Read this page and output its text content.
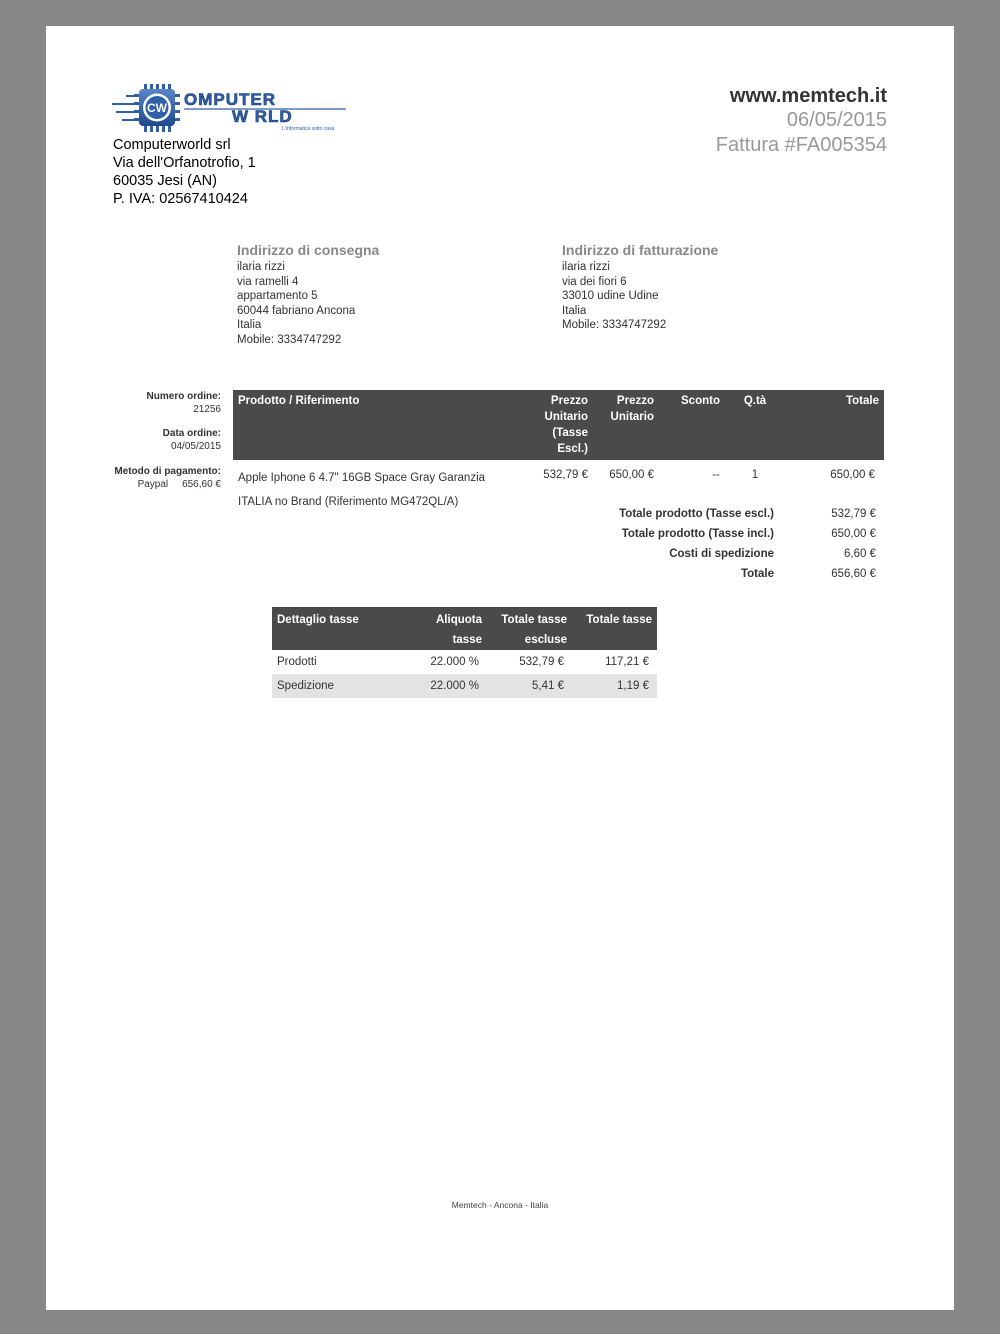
CW OMPUTER
W RLD
L'informatica sotto casa
Computerworld srl
Via dell'Orfanotrofio, 1
60035 Jesi (AN)
P. IVA: 02567410424
www.memtech.it
06/05/2015
Fattura #FA005354
Indirizzo di consegna
ilaria rizzi
via ramelli 4
appartamento 5
60044 fabriano Ancona
Italia
Mobile: 3334747292
Indirizzo di fatturazione
ilaria rizzi
via dei fiori 6
33010 udine Udine
Italia
Mobile: 3334747292
Numero ordine:
21256
Data ordine:
04/05/2015
Metodo di pagamento:
Paypal 656,60 €
Prodotto / Riferimento	Prezzo Unitario (Tasse Escl.)	Prezzo Unitario	Sconto	Q.tà	Totale

Apple Iphone 6 4.7" 16GB Space Gray Garanzia
ITALIA no Brand (Riferimento MG472QL/A)	532,79 €	650,00 €	--	1	650,00 €
Totale prodotto (Tasse escl.)	532,79 €
Totale prodotto (Tasse incl.)	650,00 €
Costi di spedizione	6,60 €
Totale	656,60 €
Dettaglio tasse	Aliquota tasse	Totale tasse escluse	Totale tasse
Prodotti	22.000 %	532,79 €	117,21 €
Spedizione	22.000 %	5,41 €	1,19 €
Memtech - Ancona - Italia
